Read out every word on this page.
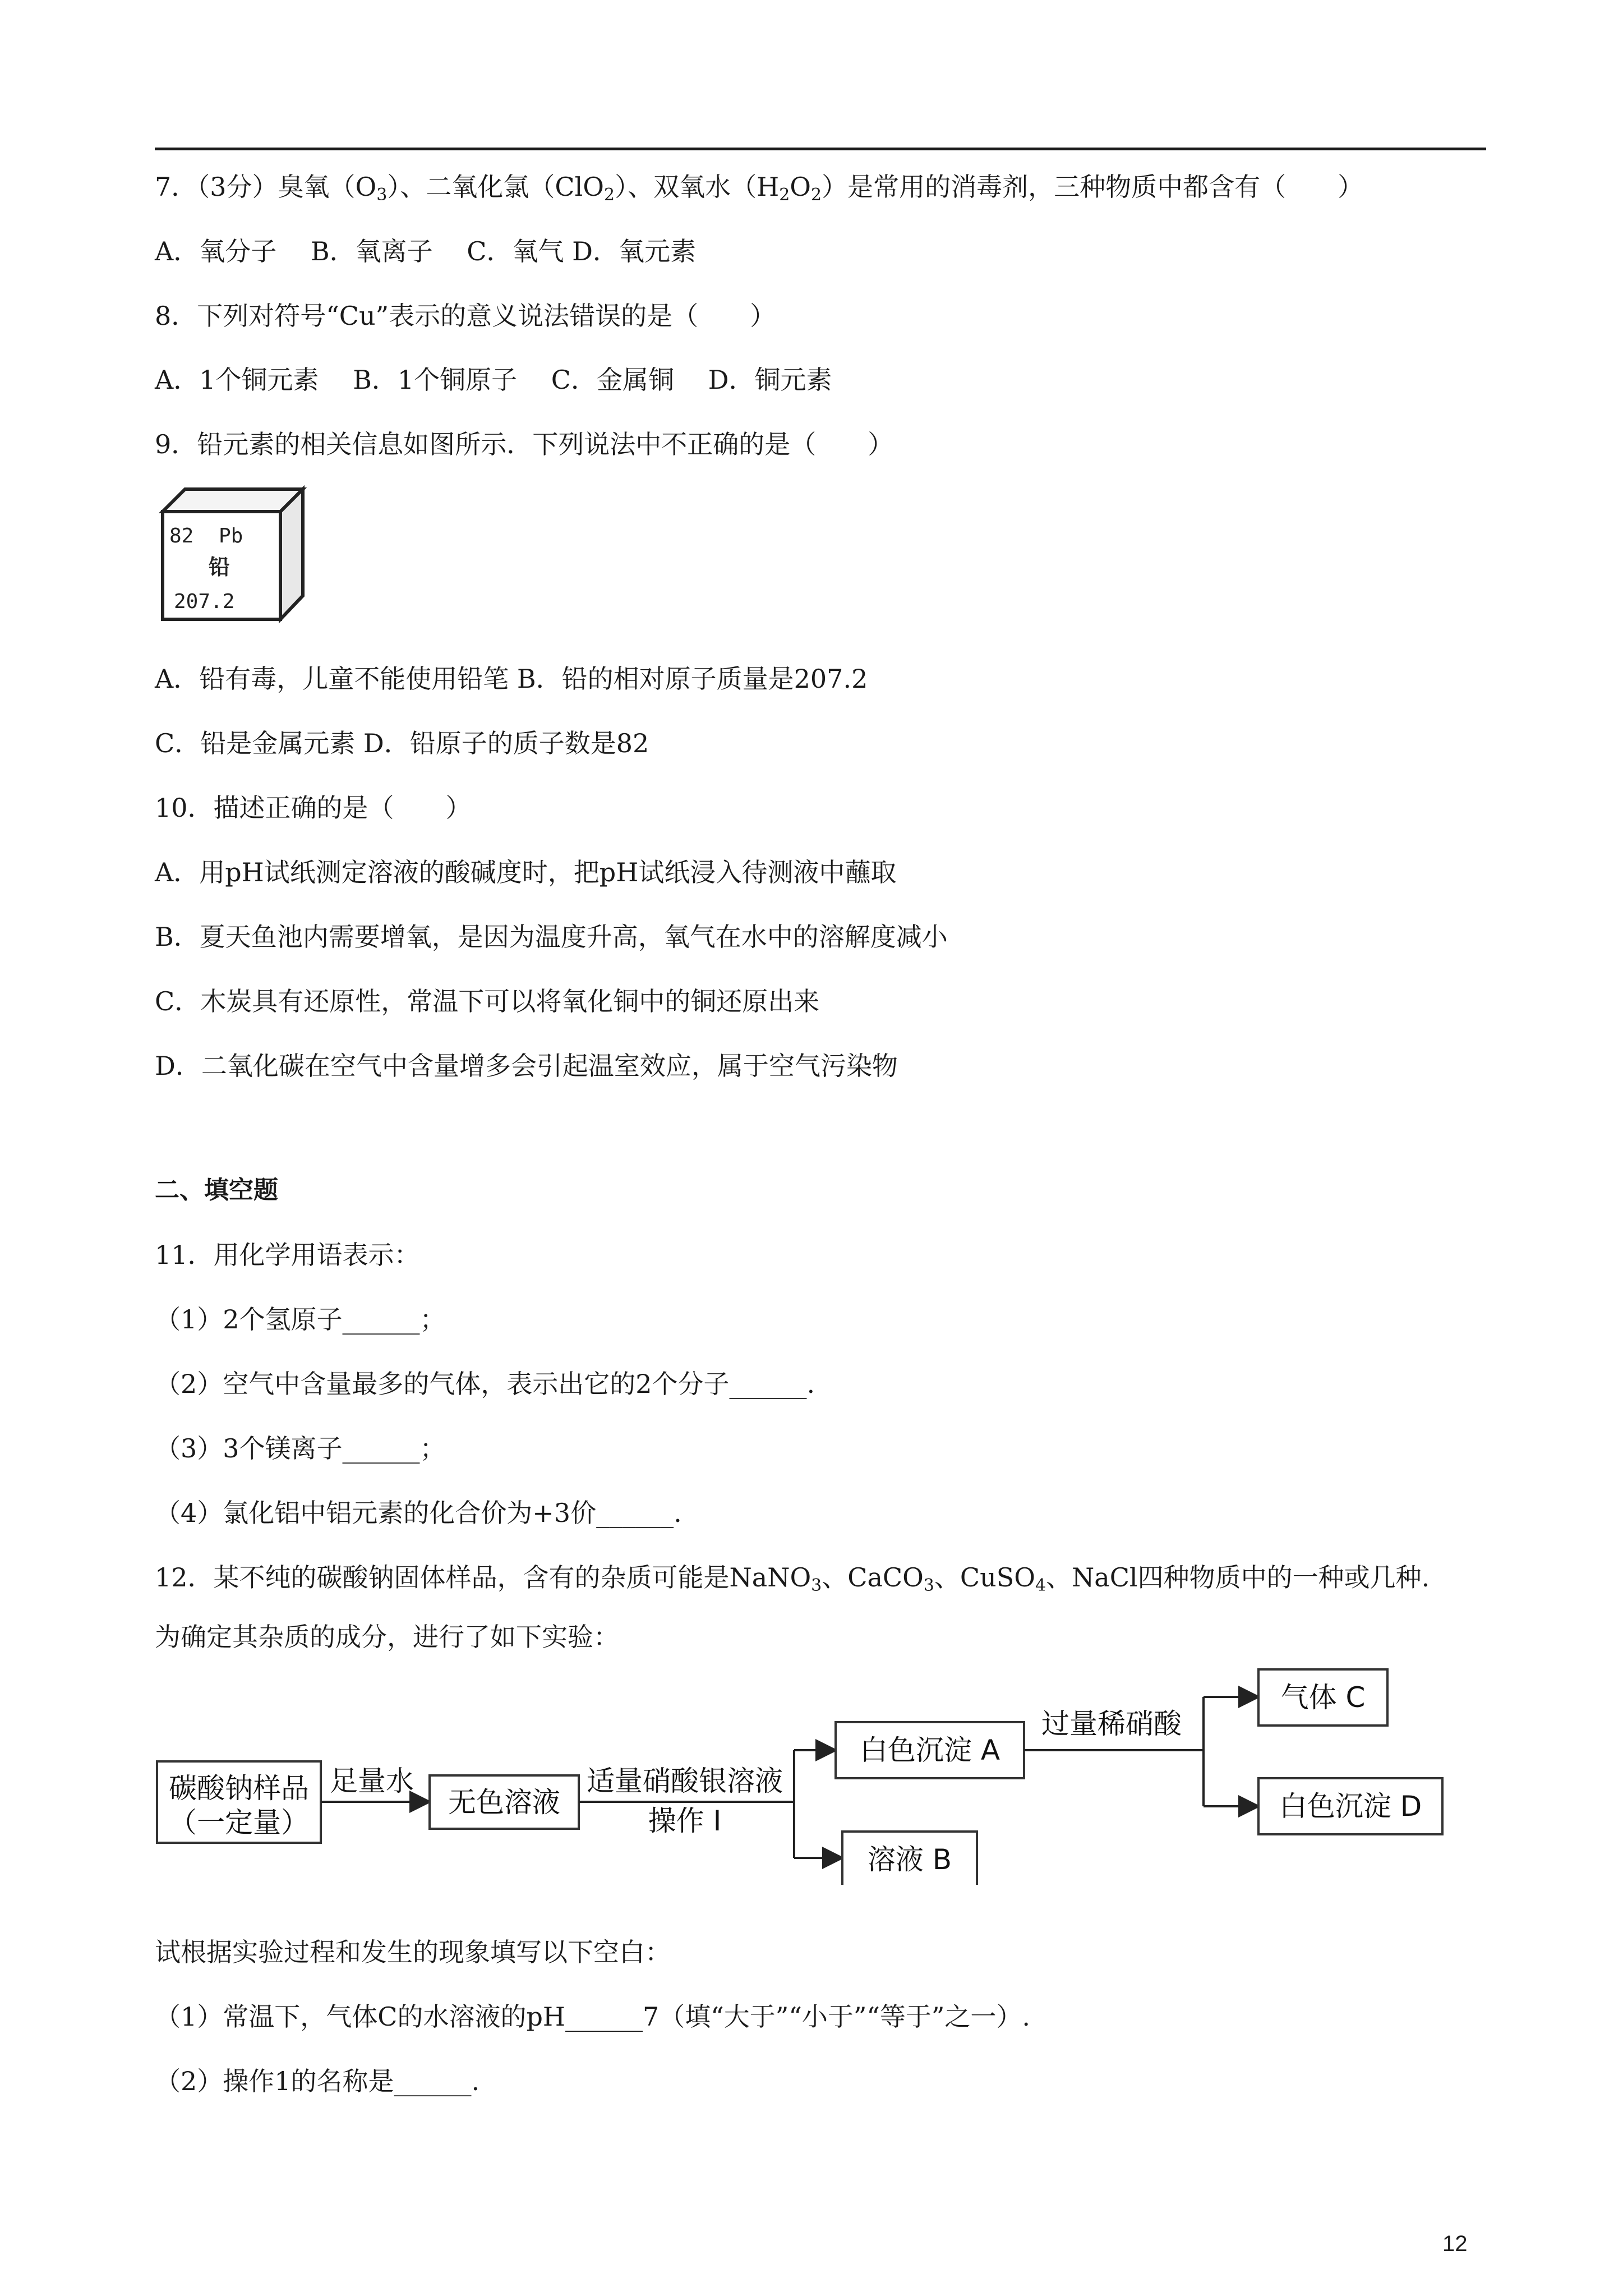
7．（3分）臭氧$(O_3)$、二氧化氯（ClO$_2$）、双氧水$(H_2O_2)$是常用的消毒剂，三种物质中都含有（　　）
A．氧分子　 B．氧离子　 C．氧气 D．氧元素
8．下列对符号“Cu”表示的意义说法错误的是（　　）
A．1个铜元素　 B．1个铜原子　 C．金属铜　 D．铜元素
9．铅元素的相关信息如图所示．下列说法中不正确的是（　　）
82 Pb
铅
207.2
A．铅有毒，儿童不能使用铅笔 B．铅的相对原子质量是207.2
C．铅是金属元素 D．铅原子的质子数是82
10．描述正确的是（　　）
A．用pH试纸测定溶液的酸碱度时，把pH试纸浸入待测液中蘸取
B．夏天鱼池内需要增氧，是因为温度升高，氧气在水中的溶解度减小
C．木炭具有还原性，常温下可以将氧化铜中的铜还原出来
D．二氧化碳在空气中含量增多会引起温室效应，属于空气污染物
二、填空题
11．用化学用语表示：
（1）2个氢原子______；
（2）空气中含量最多的气体，表示出它的2个分子______.
（3）3个镁离子______；
（4）氯化铝中铝元素的化合价为+3价______.
12．某不纯的碳酸钠固体样品，含有的杂质可能是NaNO$_3$、CaCO$_3$、CuSO$_4$、NaCl四种物质中的一种或几种.
为确定其杂质的成分，进行了如下实验：
碳酸钠样品
（一定量）
足量水
无色溶液
适量硝酸银溶液
操作 I
白色沉淀 A
溶液 B
过量稀硝酸
气体 C
白色沉淀 D
试根据实验过程和发生的现象填写以下空白：
（1）常温下，气体C的水溶液的pH______7（填“大于”“小于”“等于”之一）.
（2）操作1的名称是______.
12
